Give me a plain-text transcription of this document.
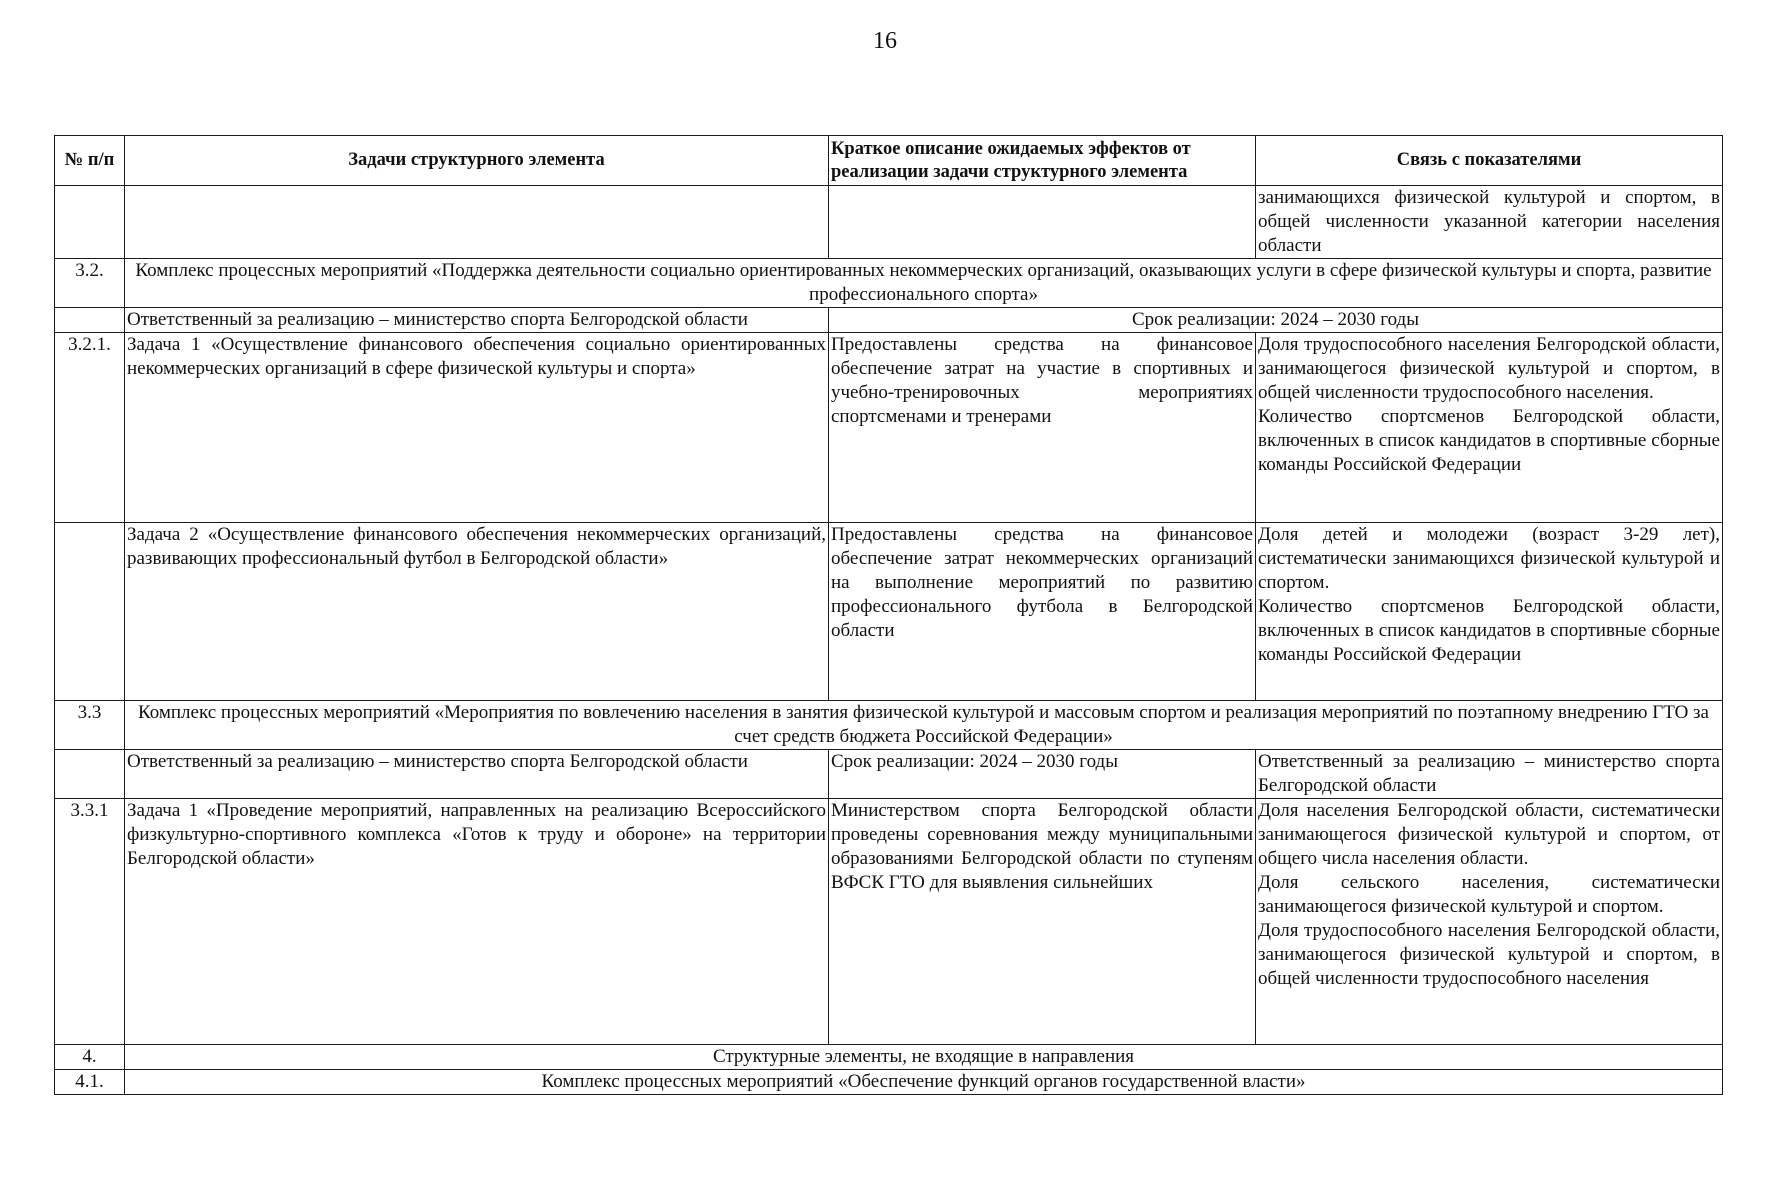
16
№ п/п	Задачи структурного элемента	Краткое описание ожидаемых эффектов от реализации задачи структурного элемента	Связь с показателями
			занимающихся физической культурой и спортом, в общей численности указанной категории населения области
3.2.	Комплекс процессных мероприятий «Поддержка деятельности социально ориентированных некоммерческих организаций, оказывающих услуги в сфере физической культуры и спорта, развитие профессионального спорта»		
	Ответственный за реализацию – министерство спорта Белгородской области	Срок реализации: 2024 – 2030 годы	
3.2.1.	Задача 1 «Осуществление финансового обеспечения социально ориентированных некоммерческих организаций в сфере физической культуры и спорта»	Предоставлены средства на финансовое обеспечение затрат на участие в спортивных и учебно-тренировочных мероприятиях спортсменами и тренерами	Доля трудоспособного населения Белгородской области, занимающегося физической культурой и спортом, в общей численности трудоспособного населения.
Количество спортсменов Белгородской области, включенных в список кандидатов в спортивные сборные команды Российской Федерации

	Задача 2 «Осуществление финансового обеспечения некоммерческих организаций, развивающих профессиональный футбол в Белгородской области»	Предоставлены средства на финансовое обеспечение затрат некоммерческих организаций на выполнение мероприятий по развитию профессионального футбола в Белгородской области	Доля детей и молодежи (возраст 3-29 лет), систематически занимающихся физической культурой и спортом.
Количество спортсменов Белгородской области, включенных в список кандидатов в спортивные сборные команды Российской Федерации

3.3	Комплекс процессных мероприятий «Мероприятия по вовлечению населения в занятия физической культурой и массовым спортом и реализация мероприятий по поэтапному внедрению ГТО за счет средств бюджета Российской Федерации»		
	Ответственный за реализацию – министерство спорта Белгородской области	Срок реализации: 2024 – 2030 годы	Ответственный за реализацию – министерство спорта Белгородской области
3.3.1	Задача 1 «Проведение мероприятий, направленных на реализацию Всероссийского физкультурно-спортивного комплекса «Готов к труду и обороне» на территории Белгородской области»	Министерством спорта Белгородской области проведены соревнования между муниципальными образованиями Белгородской области по ступеням ВФСК ГТО для выявления сильнейших	Доля населения Белгородской области, систематически занимающегося физической культурой и спортом, от общего числа населения области.
Доля сельского населения, систематически занимающегося физической культурой и спортом.
Доля трудоспособного населения Белгородской области, занимающегося физической культурой и спортом, в общей численности трудоспособного населения

4.	Структурные элементы, не входящие в направления		
4.1.	Комплекс процессных мероприятий «Обеспечение функций органов государственной власти»		
